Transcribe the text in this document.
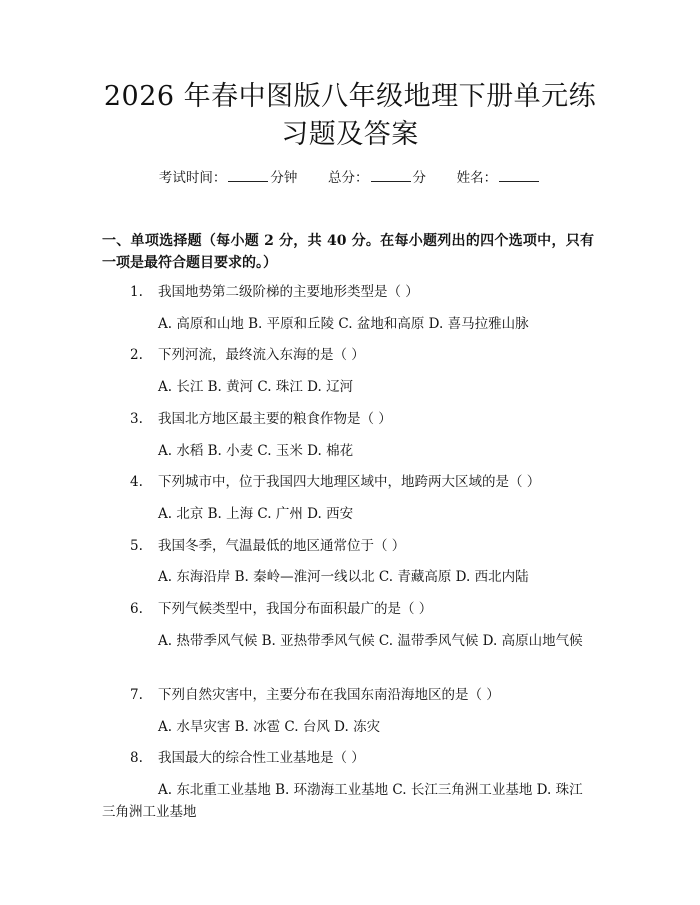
2026 年春中图版八年级地理下册单元练习题及答案
考试时间：	分钟 总分：	分 姓名：
一、单项选择题（每小题 2 分，共 40 分。在每小题列出的四个选项中，只有一项是最符合题目要求的。）
1. 我国地势第二级阶梯的主要地形类型是（ ）
A. 高原和山地 B. 平原和丘陵 C. 盆地和高原 D. 喜马拉雅山脉
2. 下列河流，最终流入东海的是（ ）
A. 长江 B. 黄河 C. 珠江 D. 辽河
3. 我国北方地区最主要的粮食作物是（ ）
A. 水稻 B. 小麦 C. 玉米 D. 棉花
4. 下列城市中，位于我国四大地理区域中，地跨两大区域的是（ ）
A. 北京 B. 上海 C. 广州 D. 西安
5. 我国冬季，气温最低的地区通常位于（ ）
A. 东海沿岸 B. 秦岭—淮河一线以北 C. 青藏高原 D. 西北内陆
6. 下列气候类型中，我国分布面积最广的是（ ）
A. 热带季风气候 B. 亚热带季风气候 C. 温带季风气候 D. 高原山地气候
7. 下列自然灾害中，主要分布在我国东南沿海地区的是（ ）
A. 水旱灾害 B. 冰雹 C. 台风 D. 冻灾
8. 我国最大的综合性工业基地是（ ）
A. 东北重工业基地 B. 环渤海工业基地 C. 长江三角洲工业基地 D. 珠江三角洲工业基地
